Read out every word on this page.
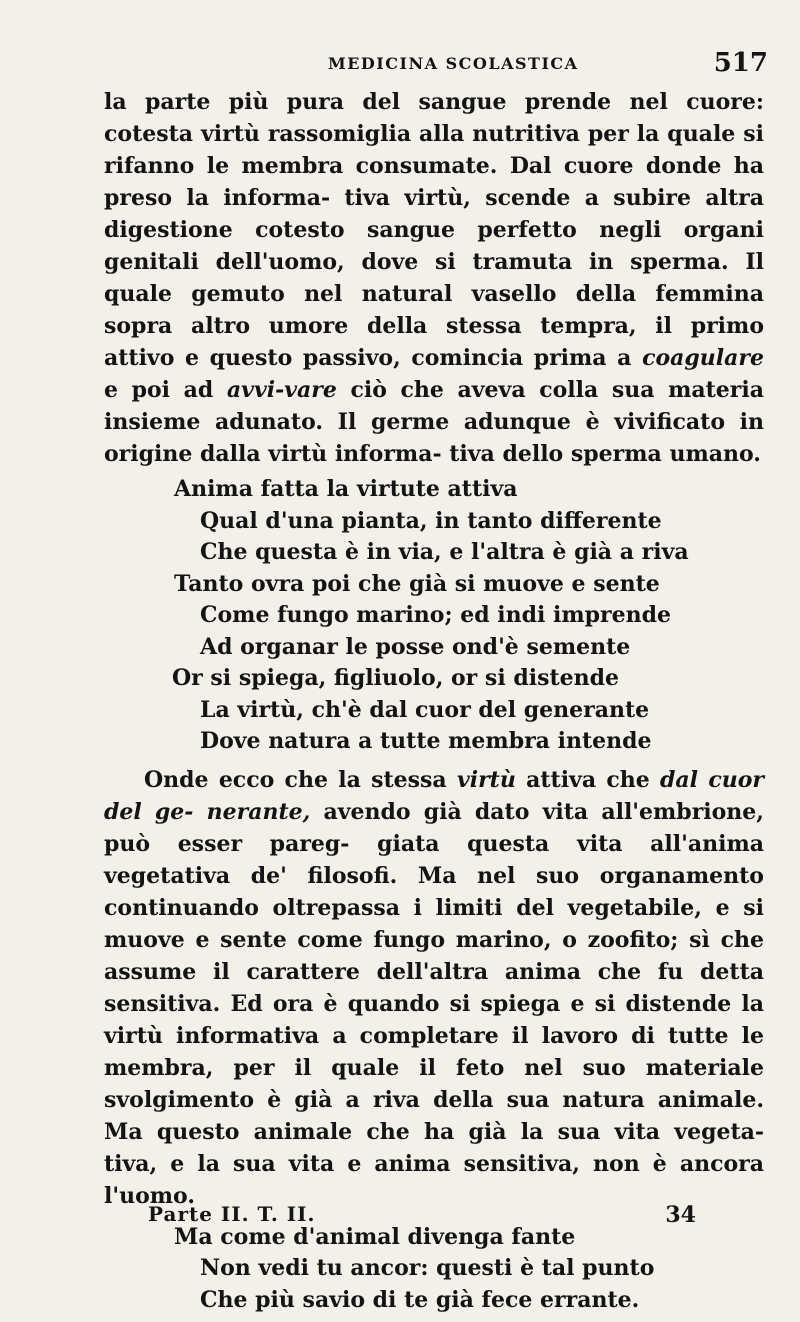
MEDICINA SCOLASTICA	517

la parte più pura del sangue prende nel cuore: cotesta virtù rassomiglia alla nutritiva per la quale si rifanno le membra consumate. Dal cuore donde ha preso la informa- tiva virtù, scende a subire altra digestione cotesto sangue perfetto negli organi genitali dell'uomo, dove si tramuta in sperma. Il quale gemuto nel natural vasello della femmina sopra altro umore della stessa tempra, il primo attivo e questo passivo, comincia prima a coagulare e poi ad avvi-vare ciò che aveva colla sua materia insieme adunato. Il germe adunque è vivificato in origine dalla virtù informa- tiva dello sperma umano.

Anima fatta la virtute attiva
Qual d'una pianta, in tanto differente
Che questa è in via, e l'altra è già a riva
Tanto ovra poi che già si muove e sente
Come fungo marino; ed indi imprende
Ad organar le posse ond'è semente
Or si spiega, figliuolo, or si distende
La virtù, ch'è dal cuor del generante
Dove natura a tutte membra intende

Onde ecco che la stessa virtù attiva che dal cuor del ge- nerante, avendo già dato vita all'embrione, può esser pareg- giata questa vita all'anima vegetativa de' filosofi. Ma nel suo organamento continuando oltrepassa i limiti del vegetabile, e si muove e sente come fungo marino, o zoofito; sì che assume il carattere dell'altra anima che fu detta sensitiva. Ed ora è quando si spiega e si distende la virtù informativa a completare il lavoro di tutte le membra, per il quale il feto nel suo materiale svolgimento è già a riva della sua natura animale. Ma questo animale che ha già la sua vita vegeta- tiva, e la sua vita e anima sensitiva, non è ancora l'uomo.

Ma come d'animal divenga fante
Non vedi tu ancor: questi è tal punto
Che più savio di te già fece errante.
Parte II. T. II.	34
